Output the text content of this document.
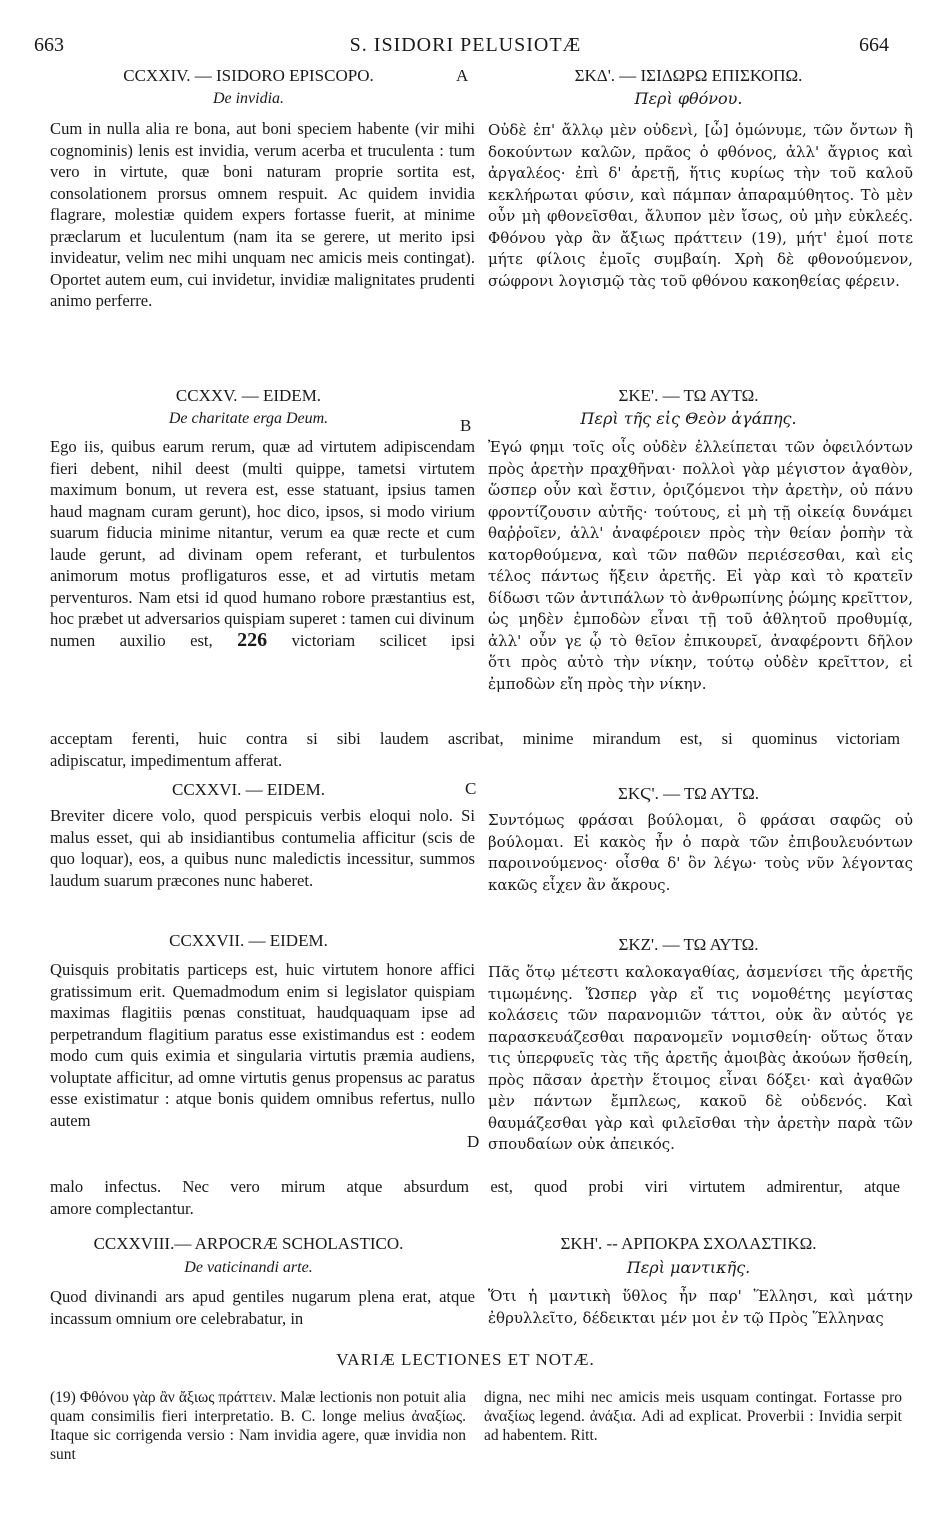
663	S. ISIDORI PELUSIOTÆ	664
A
B
C
D
CCXXIV. — ISIDORO EPISCOPO.
De invidia.
Cum in nulla alia re bona, aut boni speciem habente (vir mihi cognominis) lenis est invidia, verum acerba et truculenta : tum vero in virtute, quæ boni naturam proprie sortita est, consolationem prorsus omnem respuit. Ac quidem invidia flagrare, molestiæ quidem expers fortasse fuerit, at minime præclarum et luculentum (nam ita se gerere, ut merito ipsi invideatur, velim nec mihi unquam nec amicis meis contingat). Oportet autem eum, cui invidetur, invidiæ malignitates prudenti animo perferre.
ΣΚΔ'. — ΙΣΙΔΩΡΩ ΕΠΙΣΚΟΠΩ.
Περὶ φθόνου.
Οὐδὲ ἐπ' ἄλλῳ μὲν οὐδενὶ, [ὦ] ὁμώνυμε, τῶν ὄντων ἢ δοκούντων καλῶν, πρᾶος ὁ φθόνος, ἀλλ' ἄγριος καὶ ἀργαλέος· ἐπὶ δ' ἀρετῇ, ἥτις κυρίως τὴν τοῦ καλοῦ κεκλήρωται φύσιν, καὶ πάμπαν ἀπαραμύθητος. Τὸ μὲν οὖν μὴ φθονεῖσθαι, ἄλυπον μὲν ἴσως, οὐ μὴν εὐκλεές. Φθόνου γὰρ ἂν ἄξιως πράττειν (19), μήτ' ἐμοί ποτε μήτε φίλοις ἐμοῖς συμβαίη. Χρὴ δὲ φθονούμενον, σώφρονι λογισμῷ τὰς τοῦ φθόνου κακοηθείας φέρειν.
CCXXV. — EIDEM.
De charitate erga Deum.
Ego iis, quibus earum rerum, quæ ad virtutem adipiscendam fieri debent, nihil deest (multi quippe, tametsi virtutem maximum bonum, ut revera est, esse statuant, ipsius tamen haud magnam curam gerunt), hoc dico, ipsos, si modo virium suarum fiducia minime nitantur, verum ea quæ recte et cum laude gerunt, ad divinam opem referant, et turbulentos animorum motus profligaturos esse, et ad virtutis metam perventuros. Nam etsi id quod humano robore præstantius est, hoc præbet ut adversarios quispiam superet : tamen cui divinum
numen auxilio est, 226 victoriam scilicet ipsi
ΣΚΕ'. — ΤΩ ΑΥΤΩ.
Περὶ τῆς εἰς Θεὸν ἀγάπης.
Ἐγώ φημι τοῖς οἷς οὐδὲν ἐλλείπεται τῶν ὀφειλόντων πρὸς ἀρετὴν πραχθῆναι· πολλοὶ γὰρ μέγιστον ἀγαθὸν, ὥσπερ οὖν καὶ ἔστιν, ὁριζόμενοι τὴν ἀρετὴν, οὐ πάνυ φροντίζουσιν αὐτῆς· τούτους, εἰ μὴ τῇ οἰκείᾳ δυνάμει θαῤῥοῖεν, ἀλλ' ἀναφέροιεν πρὸς τὴν θείαν ῥοπὴν τὰ κατορθούμενα, καὶ τῶν παθῶν περιέσεσθαι, καὶ εἰς τέλος πάντως ἥξειν ἀρετῆς. Εἰ γὰρ καὶ τὸ κρατεῖν δίδωσι τῶν ἀντιπάλων τὸ ἀνθρωπίνης ῥώμης κρεῖττον, ὡς μηδὲν ἐμποδὼν εἶναι τῇ τοῦ ἀθλητοῦ προθυμίᾳ, ἀλλ' οὖν γε ᾧ τὸ θεῖον ἐπικουρεῖ, ἀναφέροντι δῆλον ὅτι πρὸς αὐτὸ τὴν νίκην, τούτῳ οὐδὲν κρεῖττον, εἰ ἐμποδὼν εἴη πρὸς τὴν νίκην.
acceptam ferenti, huic contra si sibi laudem ascribat, minime mirandum est, si quominus victoriam
adipiscatur, impedimentum afferat.
CCXXVI. — EIDEM.
Breviter dicere volo, quod perspicuis verbis eloqui nolo. Si malus esset, qui ab insidiantibus contumelia afficitur (scis de quo loquar), eos, a quibus nunc maledictis incessitur, summos laudum suarum præcones nunc haberet.
ΣΚϚ'. — ΤΩ ΑΥΤΩ.
Συντόμως φράσαι βούλομαι, ὃ φράσαι σαφῶς οὐ βούλομαι. Εἰ κακὸς ἦν ὁ παρὰ τῶν ἐπιβουλευόντων παροινούμενος· οἶσθα δ' ὃν λέγω· τοὺς νῦν λέγοντας κακῶς εἶχεν ἂν ἄκρους.
CCXXVII. — EIDEM.
Quisquis probitatis particeps est, huic virtutem honore affici gratissimum erit. Quemadmodum enim si legislator quispiam maximas flagitiis pœnas constituat, haudquaquam ipse ad perpetrandum flagitium paratus esse existimandus est : eodem modo cum quis eximia et singularia virtutis præmia audiens, voluptate afficitur, ad omne virtutis genus propensus ac paratus esse existimatur : atque bonis quidem omnibus refertus, nullo autem
ΣΚΖ'. — ΤΩ ΑΥΤΩ.
Πᾶς ὅτῳ μέτεστι καλοκαγαθίας, ἀσμενίσει τῆς ἀρετῆς τιμωμένης. Ὥσπερ γὰρ εἴ τις νομοθέτης μεγίστας κολάσεις τῶν παρανομιῶν τάττοι, οὐκ ἂν αὐτός γε παρασκευάζεσθαι παρανομεῖν νομισθείη· οὕτως ὅταν τις ὑπερφυεῖς τὰς τῆς ἀρετῆς ἀμοιβὰς ἀκούων ἥσθείη, πρὸς πᾶσαν ἀρετὴν ἕτοιμος εἶναι δόξει· καὶ ἀγαθῶν μὲν πάντων ἔμπλεως, κακοῦ δὲ οὐδενός. Καὶ θαυμάζεσθαι γὰρ καὶ φιλεῖσθαι τὴν ἀρετὴν παρὰ τῶν σπουδαίων οὐκ ἀπεικός.
malo infectus. Nec vero mirum atque absurdum est, quod probi viri virtutem admirentur, atque
amore complectantur.
CCXXVIII.— ARPOCRÆ SCHOLASTICO.
De vaticinandi arte.
Quod divinandi ars apud gentiles nugarum plena erat, atque incassum omnium ore celebrabatur, in
ΣΚΗ'. -- ΑΡΠΟΚΡΑ ΣΧΟΛΑΣΤΙΚΩ.
Περὶ μαντικῆς.
Ὅτι ἡ μαντικὴ ὕθλος ἦν παρ' Ἕλλησι, καὶ μάτην ἐθρυλλεῖτο, δέδεικται μέν μοι ἐν τῷ Πρὸς Ἕλληνας
VARIÆ LECTIONES ET NOTÆ.
(19) Φθόνου γὰρ ἂν ἄξιως πράττειν. Malæ lectionis non potuit alia quam consimilis fieri interpretatio. B. C. longe melius ἀναξίως. Itaque sic corrigenda versio : Nam invidia agere, quæ invidia non sunt
digna, nec mihi nec amicis meis usquam contingat. Fortasse pro ἀναξίως legend. ἀνάξια. Adi ad explicat. Proverbii : Invidia serpit ad habentem. Ritt.
